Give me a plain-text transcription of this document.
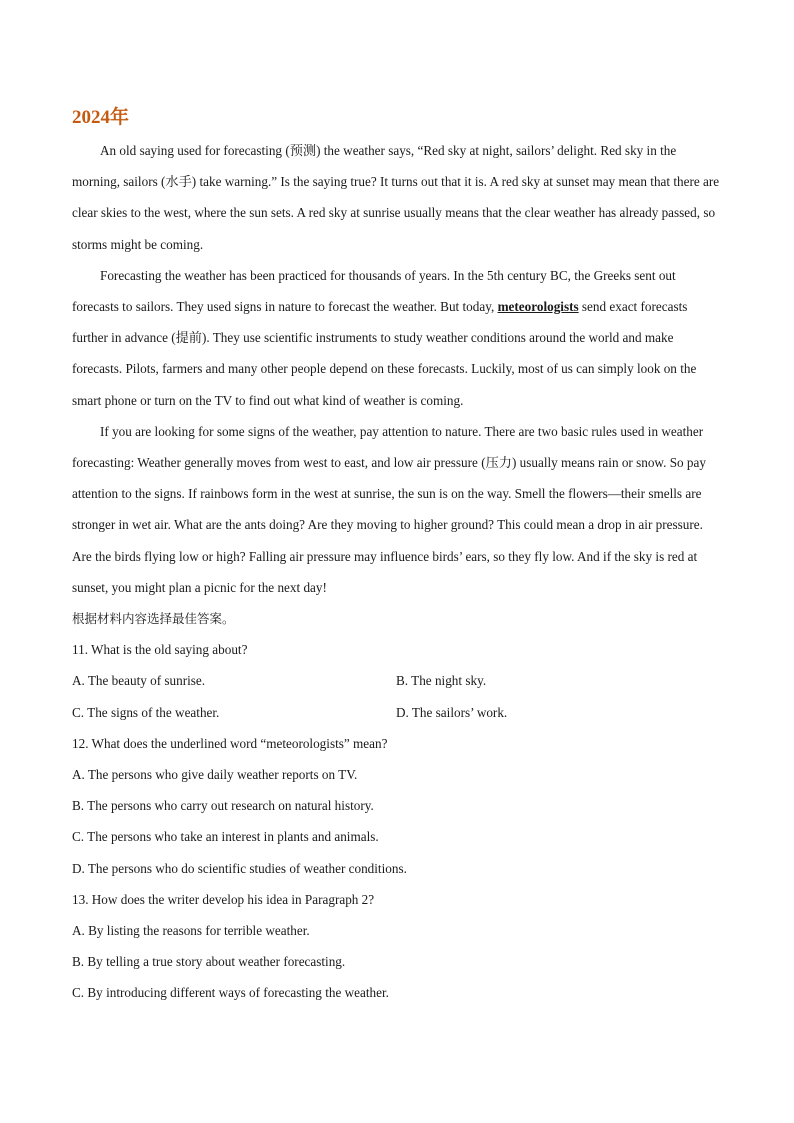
2024年

An old saying used for forecasting (预测) the weather says, “Red sky at night, sailors’ delight. Red sky in the morning, sailors (水手) take warning.” Is the saying true? It turns out that it is. A red sky at sunset may mean that there are clear skies to the west, where the sun sets. A red sky at sunrise usually means that the clear weather has already passed, so storms might be coming.

Forecasting the weather has been practiced for thousands of years. In the 5th century BC, the Greeks sent out forecasts to sailors. They used signs in nature to forecast the weather. But today, meteorologists send exact forecasts further in advance (提前). They use scientific instruments to study weather conditions around the world and make forecasts. Pilots, farmers and many other people depend on these forecasts. Luckily, most of us can simply look on the smart phone or turn on the TV to find out what kind of weather is coming.

If you are looking for some signs of the weather, pay attention to nature. There are two basic rules used in weather forecasting: Weather generally moves from west to east, and low air pressure (压力) usually means rain or snow. So pay attention to the signs. If rainbows form in the west at sunrise, the sun is on the way. Smell the flowers—their smells are stronger in wet air. What are the ants doing? Are they moving to higher ground? This could mean a drop in air pressure. Are the birds flying low or high? Falling air pressure may influence birds’ ears, so they fly low. And if the sky is red at sunset, you might plan a picnic for the next day!

根据材料内容选择最佳答案。

11. What is the old saying about?

A. The beauty of sunrise.	B. The night sky.
C. The signs of the weather.	D. The sailors’ work.

12. What does the underlined word “meteorologists” mean?

A. The persons who give daily weather reports on TV.

B. The persons who carry out research on natural history.

C. The persons who take an interest in plants and animals.

D. The persons who do scientific studies of weather conditions.

13. How does the writer develop his idea in Paragraph 2?

A. By listing the reasons for terrible weather.

B. By telling a true story about weather forecasting.

C. By introducing different ways of forecasting the weather.
